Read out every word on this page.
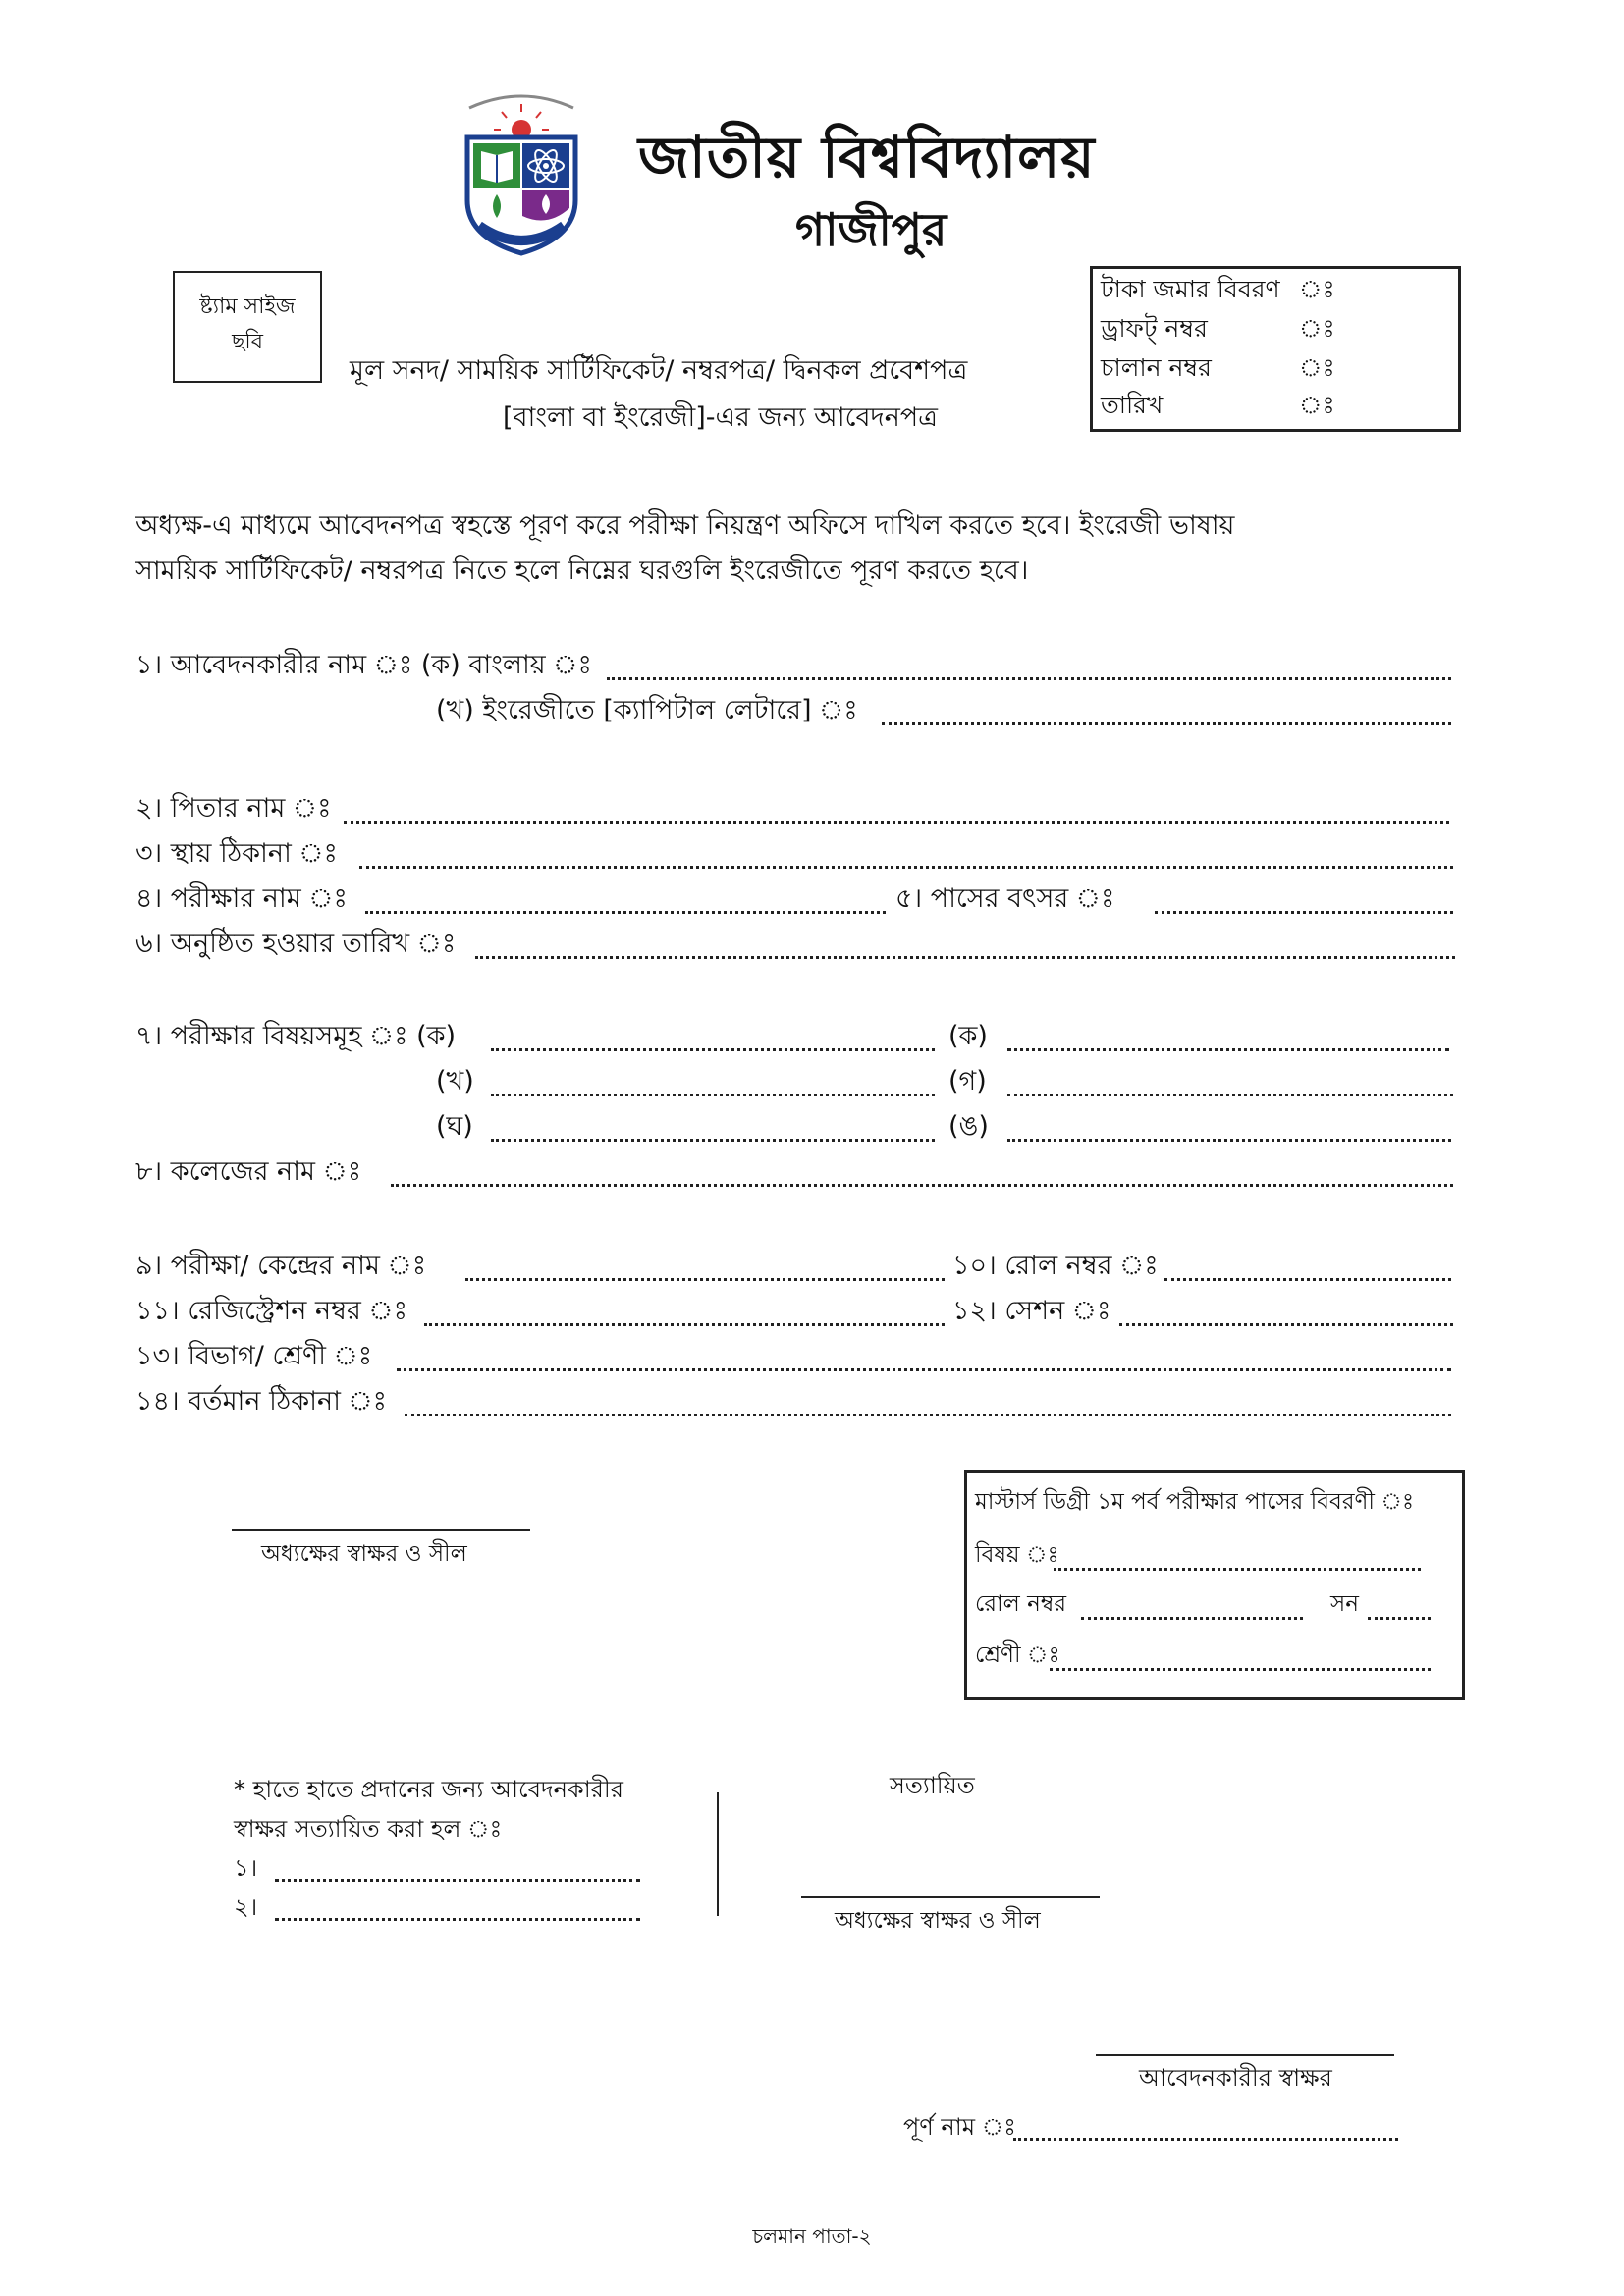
জাতীয় বিশ্ববিদ্যালয়
গাজীপুর
ষ্ট্যাম সাইজ
ছবি
টাকা জমার বিবরণ ঃ
ড্রাফট্ নম্বর	ঃ
চালান নম্বর	ঃ
তারিখ	ঃ
মূল সনদ/ সাময়িক সার্টিফিকেট/ নম্বরপত্র/ দ্বিনকল প্রবেশপত্র
[বাংলা বা ইংরেজী]-এর জন্য আবেদনপত্র
অধ্যক্ষ-এ মাধ্যমে আবেদনপত্র স্বহস্তে পূরণ করে পরীক্ষা নিয়ন্ত্রণ অফিসে দাখিল করতে হবে। ইংরেজী ভাষায়
সাময়িক সার্টিফিকেট/ নম্বরপত্র নিতে হলে নিম্নের ঘরগুলি ইংরেজীতে পূরণ করতে হবে।
১। আবেদনকারীর নাম ঃ (ক) বাংলায় ঃ
(খ) ইংরেজীতে [ক্যাপিটাল লেটারে] ঃ
২। পিতার নাম ঃ
৩। স্থায় ঠিকানা ঃ
৪। পরীক্ষার নাম ঃ	৫। পাসের বৎসর ঃ
৬। অনুষ্ঠিত হওয়ার তারিখ ঃ
৭। পরীক্ষার বিষয়সমূহ ঃ (ক)	(ক)
(খ)	(গ)
(ঘ)	(ঙ)
৮। কলেজের নাম ঃ
৯। পরীক্ষা/ কেন্দ্রের নাম ঃ	১০। রোল নম্বর ঃ
১১। রেজিস্ট্রেশন নম্বর ঃ	১২। সেশন ঃ
১৩। বিভাগ/ শ্রেণী ঃ
১৪। বর্তমান ঠিকানা ঃ
অধ্যক্ষের স্বাক্ষর ও সীল
মাস্টার্স ডিগ্রী ১ম পর্ব পরীক্ষার পাসের বিবরণী ঃ
বিষয় ঃ
রোল নম্বর	সন
শ্রেণী ঃ
* হাতে হাতে প্রদানের জন্য আবেদনকারীর
স্বাক্ষর সত্যায়িত করা হল ঃ
১।
২।
সত্যায়িত
অধ্যক্ষের স্বাক্ষর ও সীল
আবেদনকারীর স্বাক্ষর
পূর্ণ নাম ঃ
চলমান পাতা-২
